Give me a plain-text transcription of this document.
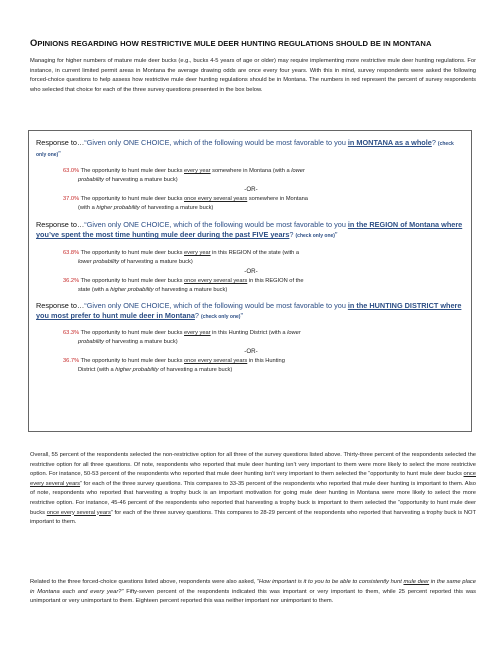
OPINIONS REGARDING HOW RESTRICTIVE MULE DEER HUNTING REGULATIONS SHOULD BE IN MONTANA
Managing for higher numbers of mature mule deer bucks (e.g., bucks 4-5 years of age or older) may require implementing more restrictive mule deer hunting regulations. For instance, in current limited permit areas in Montana the average drawing odds are once every four years. With this in mind, survey respondents were asked the following forced-choice questions to help assess how restrictive mule deer hunting regulations should be in Montana. The numbers in red represent the percent of survey respondents who selected that choice for each of the three survey questions presented in the box below.
Response to…“Given only ONE CHOICE, which of the following would be most favorable to you in MONTANA as a whole? (check only one)”
63.0% The opportunity to hunt mule deer bucks every year somewhere in Montana (with a lower
probability of harvesting a mature buck)
-OR-
37.0% The opportunity to hunt mule deer bucks once every several years somewhere in Montana
(with a higher probability of harvesting a mature buck)
Response to…“Given only ONE CHOICE, which of the following would be most favorable to you in the REGION of Montana where you’ve spent the most time hunting mule deer during the past FIVE years? (check only one)”
63.8% The opportunity to hunt mule deer bucks every year in this REGION of the state (with a
lower probability of harvesting a mature buck)
-OR-
36.2% The opportunity to hunt mule deer bucks once every several years in this REGION of the
state (with a higher probability of harvesting a mature buck)
Response to…“Given only ONE CHOICE, which of the following would be most favorable to you in the HUNTING DISTRICT where you most prefer to hunt mule deer in Montana? (check only one)”
63.3% The opportunity to hunt mule deer bucks every year in this Hunting District (with a lower
probability of harvesting a mature buck)
-OR-
36.7% The opportunity to hunt mule deer bucks once every several years in this Hunting
District (with a higher probability of harvesting a mature buck)
Overall, 55 percent of the respondents selected the non-restrictive option for all three of the survey questions listed above. Thirty-three percent of the respondents selected the restrictive option for all three questions. Of note, respondents who reported that mule deer hunting isn’t very important to them were more likely to select the more restrictive option. For instance, 50-53 percent of the respondents who reported that mule deer hunting isn’t very important to them selected the “opportunity to hunt mule deer bucks once every several years” for each of the three survey questions. This compares to 33-35 percent of the respondents who reported that mule deer hunting is important to them. Also of note, respondents who reported that harvesting a trophy buck is an important motivation for going mule deer hunting in Montana were more likely to select the more restrictive option. For instance, 45-46 percent of the respondents who reported that harvesting a trophy buck is important to them selected the “opportunity to hunt mule deer bucks once every several years” for each of the three survey questions. This compares to 28-29 percent of the respondents who reported that harvesting a trophy buck is NOT important to them.
Related to the three forced-choice questions listed above, respondents were also asked, “How important is it to you to be able to consistently hunt mule deer in the same place in Montana each and every year?” Fifty-seven percent of the respondents indicated this was important or very important to them, while 25 percent reported this was unimportant or very unimportant to them. Eighteen percent reported this was neither important nor unimportant to them.
